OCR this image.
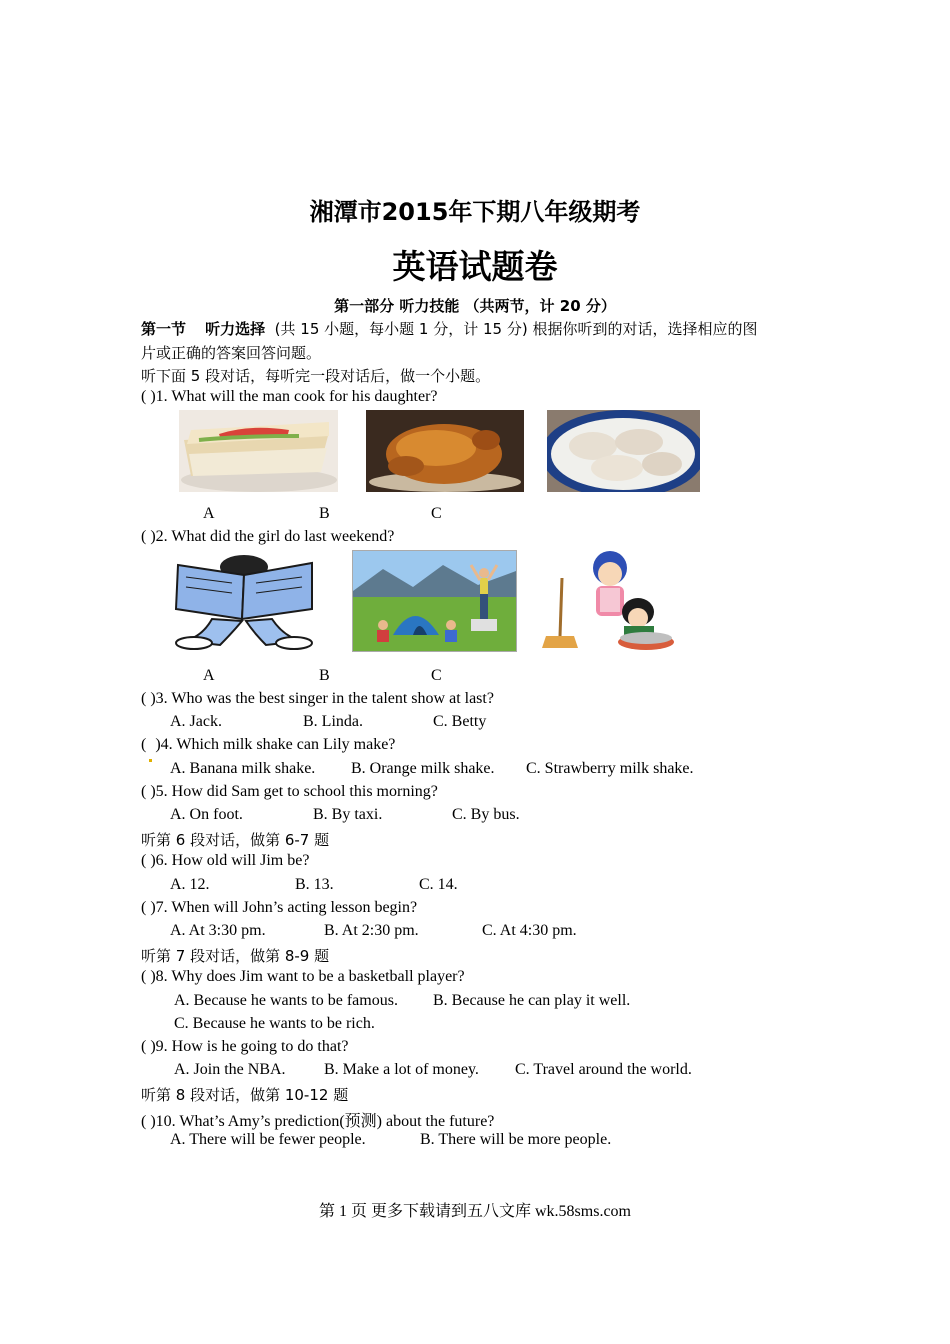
湘潭市2015年下期八年级期考
英语试题卷
第一部分 听力技能 （共两节，计 20 分）
第一节 听力选择 (共 15 小题，每小题 1 分，计 15 分) 根据你听到的对话，选择相应的图
片或正确的答案回答问题。
听下面 5 段对话，每听完一段对话后，做一个小题。
( )1. What will the man cook for his daughter?
A	B	C
( )2. What did the girl do last weekend?
A	B	C
( )3. Who was the best singer in the talent show at last?
A. Jack.	B. Linda.	C. Betty
( )4. Which milk shake can Lily make?
A. Banana milk shake. B. Orange milk shake. C. Strawberry milk shake.
( )5. How did Sam get to school this morning?
A. On foot.	B. By taxi.	C. By bus.
听第 6 段对话，做第 6-7 题
( )6. How old will Jim be?
A. 12.	B. 13.	C. 14.
( )7. When will John’s acting lesson begin?
A. At 3:30 pm.	B. At 2:30 pm.	C. At 4:30 pm.
听第 7 段对话，做第 8-9 题
( )8. Why does Jim want to be a basketball player?
A. Because he wants to be famous. B. Because he can play it well.
C. Because he wants to be rich.
( )9. How is he going to do that?
A. Join the NBA. B. Make a lot of money. C. Travel around the world.
听第 8 段对话，做第 10-12 题
( )10. What’s Amy’s prediction(预测) about the future?
A. There will be fewer people.	B. There will be more people.
第 1 页 更多下载请到五八文库 wk.58sms.com
